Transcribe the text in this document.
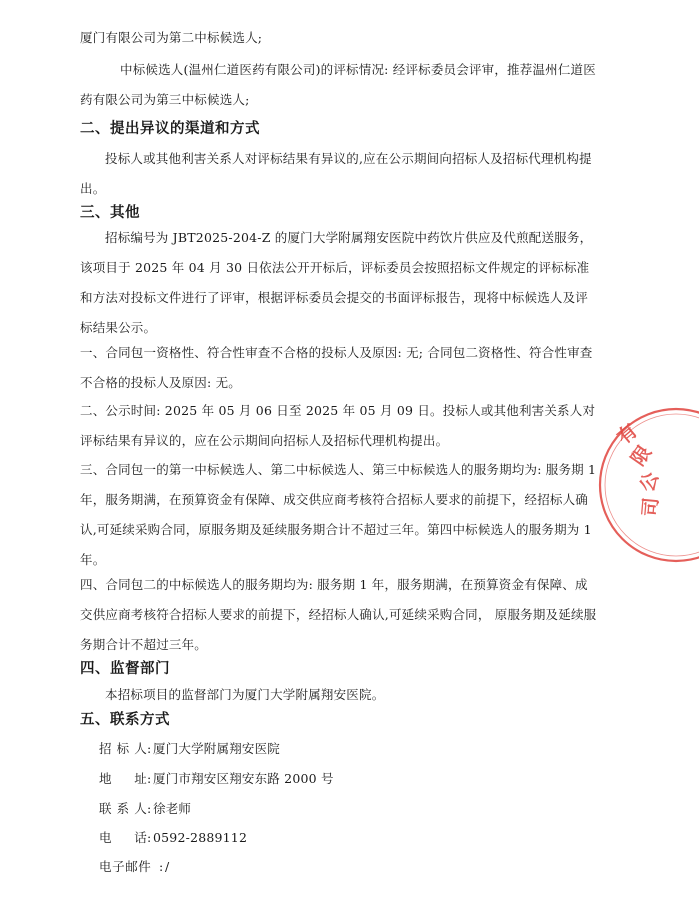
厦门有限公司为第二中标候选人;

中标候选人(温州仁道医药有限公司)的评标情况: 经评标委员会评审，推荐温州仁道医药有限公司为第三中标候选人;

二、提出异议的渠道和方式

投标人或其他利害关系人对评标结果有异议的,应在公示期间向招标人及招标代理机构提出。

三、其他

招标编号为 JBT2025-204-Z 的厦门大学附属翔安医院中药饮片供应及代煎配送服务，该项目于 2025 年 04 月 30 日依法公开开标后，评标委员会按照招标文件规定的评标标准和方法对投标文件进行了评审，根据评标委员会提交的书面评标报告，现将中标候选人及评标结果公示。

一、合同包一资格性、符合性审查不合格的投标人及原因: 无; 合同包二资格性、符合性审查不合格的投标人及原因: 无。

二、公示时间: 2025 年 05 月 06 日至 2025 年 05 月 09 日。投标人或其他利害关系人对评标结果有异议的，应在公示期间向招标人及招标代理机构提出。

三、合同包一的第一中标候选人、第二中标候选人、第三中标候选人的服务期均为: 服务期 1 年，服务期满，在预算资金有保障、成交供应商考核符合招标人要求的前提下，经招标人确认,可延续采购合同，原服务期及延续服务期合计不超过三年。第四中标候选人的服务期为 1 年。

四、合同包二的中标候选人的服务期均为: 服务期 1 年，服务期满，在预算资金有保障、成交供应商考核符合招标人要求的前提下，经招标人确认,可延续采购合同， 原服务期及延续服务期合计不超过三年。

四、监督部门

本招标项目的监督部门为厦门大学附属翔安医院。

五、联系方式
招 标 人: 厦门大学附属翔安医院
地 址: 厦门市翔安区翔安东路 2000 号
联 系 人: 徐老师
电 话: 0592-2889112
电子邮件 : /
有
限
公
司
